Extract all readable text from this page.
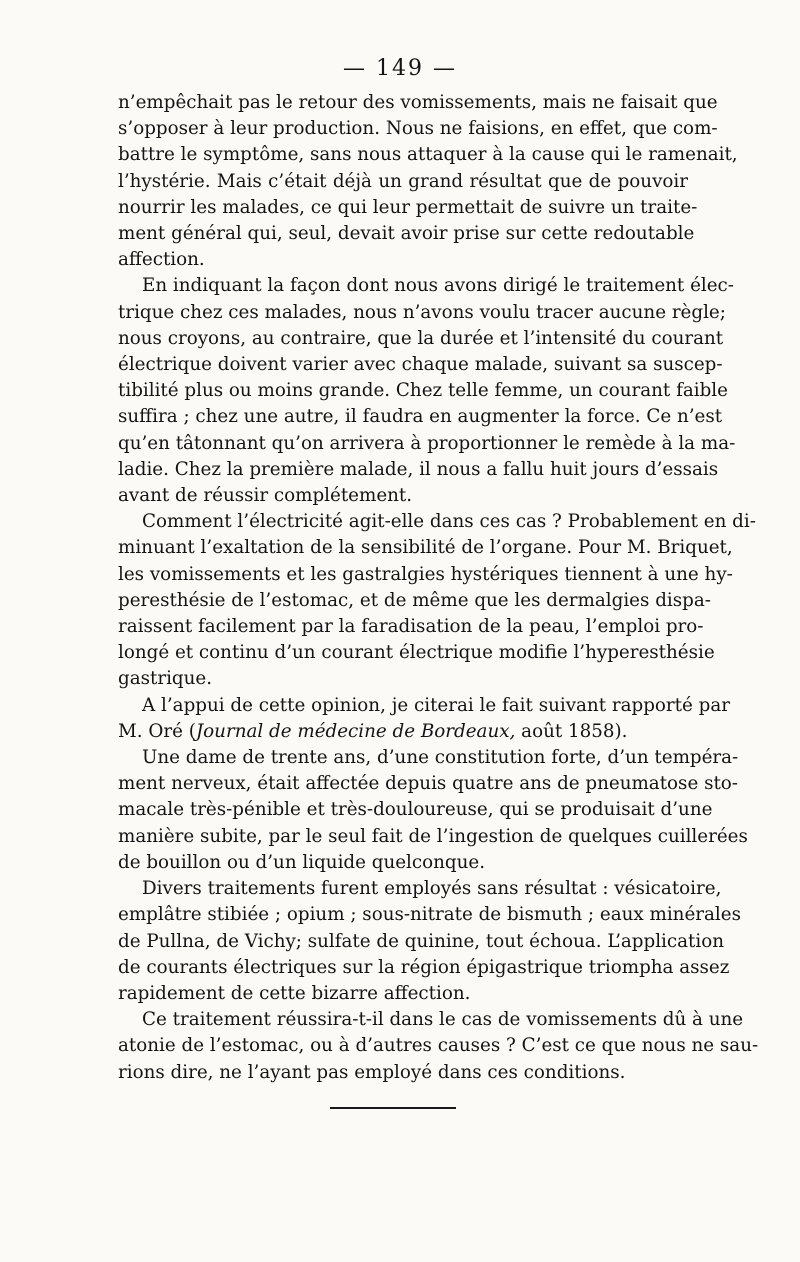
— 149 —
n’empêchait pas le retour des vomissements, mais ne faisait que
s’opposer à leur production. Nous ne faisions, en effet, que com-
battre le symptôme, sans nous attaquer à la cause qui le ramenait,
l’hystérie. Mais c’était déjà un grand résultat que de pouvoir
nourrir les malades, ce qui leur permettait de suivre un traite-
ment général qui, seul, devait avoir prise sur cette redoutable
affection.
En indiquant la façon dont nous avons dirigé le traitement élec-
trique chez ces malades, nous n’avons voulu tracer aucune règle;
nous croyons, au contraire, que la durée et l’intensité du courant
électrique doivent varier avec chaque malade, suivant sa suscep-
tibilité plus ou moins grande. Chez telle femme, un courant faible
suffira ; chez une autre, il faudra en augmenter la force. Ce n’est
qu’en tâtonnant qu’on arrivera à proportionner le remède à la ma-
ladie. Chez la première malade, il nous a fallu huit jours d’essais
avant de réussir complétement.
Comment l’électricité agit-elle dans ces cas ? Probablement en di-
minuant l’exaltation de la sensibilité de l’organe. Pour M. Briquet,
les vomissements et les gastralgies hystériques tiennent à une hy-
peresthésie de l’estomac, et de même que les dermalgies dispa-
raissent facilement par la faradisation de la peau, l’emploi pro-
longé et continu d’un courant électrique modifie l’hyperesthésie
gastrique.
A l’appui de cette opinion, je citerai le fait suivant rapporté par
M. Oré (Journal de médecine de Bordeaux, août 1858).
Une dame de trente ans, d’une constitution forte, d’un tempéra-
ment nerveux, était affectée depuis quatre ans de pneumatose sto-
macale très-pénible et très-douloureuse, qui se produisait d’une
manière subite, par le seul fait de l’ingestion de quelques cuillerées
de bouillon ou d’un liquide quelconque.
Divers traitements furent employés sans résultat : vésicatoire,
emplâtre stibiée ; opium ; sous-nitrate de bismuth ; eaux minérales
de Pullna, de Vichy; sulfate de quinine, tout échoua. L’application
de courants électriques sur la région épigastrique triompha assez
rapidement de cette bizarre affection.
Ce traitement réussira-t-il dans le cas de vomissements dû à une
atonie de l’estomac, ou à d’autres causes ? C’est ce que nous ne sau-
rions dire, ne l’ayant pas employé dans ces conditions.
